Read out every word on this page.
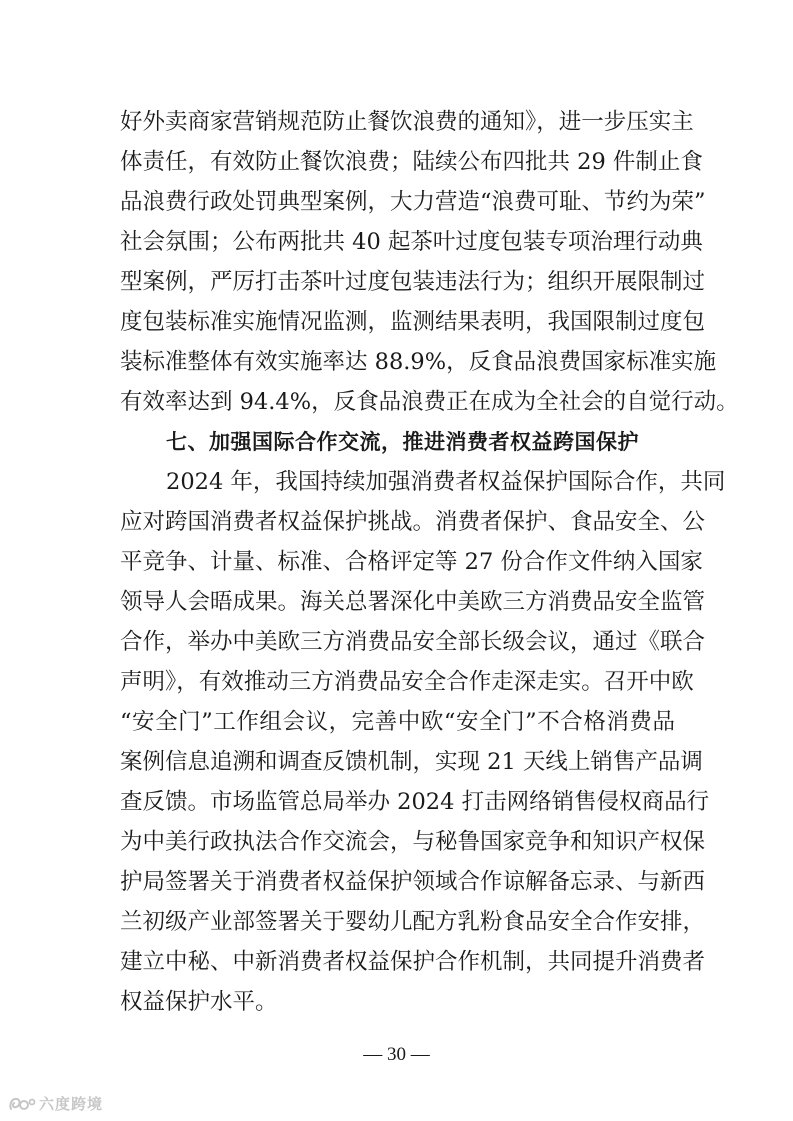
好外卖商家营销规范防止餐饮浪费的通知》，进一步压实主
体责任，有效防止餐饮浪费；陆续公布四批共 29 件制止食
品浪费行政处罚典型案例，大力营造“浪费可耻、节约为荣”
社会氛围；公布两批共 40 起茶叶过度包装专项治理行动典
型案例，严厉打击茶叶过度包装违法行为；组织开展限制过
度包装标准实施情况监测，监测结果表明，我国限制过度包
装标准整体有效实施率达 88.9%，反食品浪费国家标准实施
有效率达到 94.4%，反食品浪费正在成为全社会的自觉行动。
七、加强国际合作交流，推进消费者权益跨国保护
2024 年，我国持续加强消费者权益保护国际合作，共同
应对跨国消费者权益保护挑战。消费者保护、食品安全、公
平竞争、计量、标准、合格评定等 27 份合作文件纳入国家
领导人会晤成果。海关总署深化中美欧三方消费品安全监管
合作，举办中美欧三方消费品安全部长级会议，通过《联合
声明》，有效推动三方消费品安全合作走深走实。召开中欧
“安全门”工作组会议，完善中欧“安全门”不合格消费品
案例信息追溯和调查反馈机制，实现 21 天线上销售产品调
查反馈。市场监管总局举办 2024 打击网络销售侵权商品行
为中美行政执法合作交流会，与秘鲁国家竞争和知识产权保
护局签署关于消费者权益保护领域合作谅解备忘录、与新西
兰初级产业部签署关于婴幼儿配方乳粉食品安全合作安排，
建立中秘、中新消费者权益保护合作机制，共同提升消费者
权益保护水平。
— 30 —
六度跨境
